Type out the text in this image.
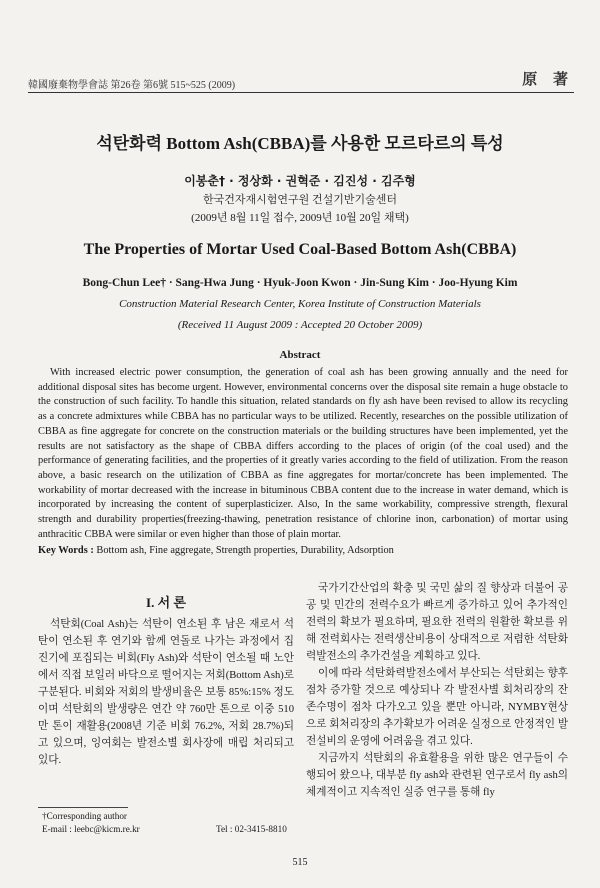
韓國廢棄物學會誌 第26卷 第6號 515~525 (2009)	原 著
석탄화력 Bottom Ash(CBBA)를 사용한 모르타르의 특성
이봉춘† · 정상화 · 권혁준 · 김진성 · 김주형
한국건자재시험연구원 건설기반기술센터
(2009년 8월 11일 접수, 2009년 10월 20일 채택)
The Properties of Mortar Used Coal-Based Bottom Ash(CBBA)
Bong-Chun Lee† · Sang-Hwa Jung · Hyuk-Joon Kwon · Jin-Sung Kim · Joo-Hyung Kim
Construction Material Research Center, Korea Institute of Construction Materials
(Received 11 August 2009 : Accepted 20 October 2009)
Abstract
With increased electric power consumption, the generation of coal ash has been growing annually and the need for additional disposal sites has become urgent. However, environmental concerns over the disposal site remain a huge obstacle to the construction of such facility. To handle this situation, related standards on fly ash have been revised to allow its recycling as a concrete admixtures while CBBA has no particular ways to be utilized. Recently, researches on the possible utilization of CBBA as fine aggregate for concrete on the construction materials or the building structures have been implemented, yet the results are not satisfactory as the shape of CBBA differs according to the places of origin (of the coal used) and the performance of generating facilities, and the properties of it greatly varies according to the field of utilization. From the reason above, a basic research on the utilization of CBBA as fine aggregates for mortar/concrete has been implemented. The workability of mortar decreased with the increase in bituminous CBBA content due to the increase in water demand, which is incorporated by increasing the content of superplasticizer. Also, In the same workability, compressive strength, flexural strength and durability properties(freezing-thawing, penetration resistance of chlorine inon, carbonation) of mortar using anthracitic CBBA were similar or even higher than those of plain mortar.
Key Words : Bottom ash, Fine aggregate, Strength properties, Durability, Adsorption
I. 서 론

석탄회(Coal Ash)는 석탄이 연소된 후 남은 재로서 석탄이 연소된 후 연기와 함께 연돌로 나가는 과정에서 집진기에 포집되는 비회(Fly Ash)와 석탄이 연소될 때 노안에서 직접 보일러 바닥으로 떨어지는 저회(Bottom Ash)로 구분된다. 비회와 저회의 발생비율은 보통 85%:15% 정도이며 석탄회의 발생량은 연간 약 760만 톤으로 이중 510만 톤이 재활용(2008년 기준 비회 76.2%, 저회 28.7%)되고 있으며, 잉여회는 발전소별 회사장에 매립 처리되고 있다.

국가기간산업의 확충 및 국민 삶의 질 향상과 더불어 공공 및 민간의 전력수요가 빠르게 증가하고 있어 추가적인 전력의 확보가 필요하며, 필요한 전력의 원활한 확보를 위해 전력회사는 전력생산비용이 상대적으로 저렴한 석탄화력발전소의 추가건설을 계획하고 있다.

이에 따라 석탄화력발전소에서 부산되는 석탄회는 향후 점차 증가할 것으로 예상되나 각 발전사별 회처리장의 잔존수명이 점차 다가오고 있을 뿐만 아니라, NYMBY현상으로 회처리장의 추가확보가 어려운 실정으로 안정적인 발전설비의 운영에 어려움을 겪고 있다.

지금까지 석탄회의 유효활용을 위한 많은 연구들이 수행되어 왔으나, 대부분 fly ash와 관련된 연구로서 fly ash의 체계적이고 지속적인 실증 연구를 통해 fly

†Corresponding author
E-mail : leebc@kicm.re.kr	Tel : 02-3415-8810
515
